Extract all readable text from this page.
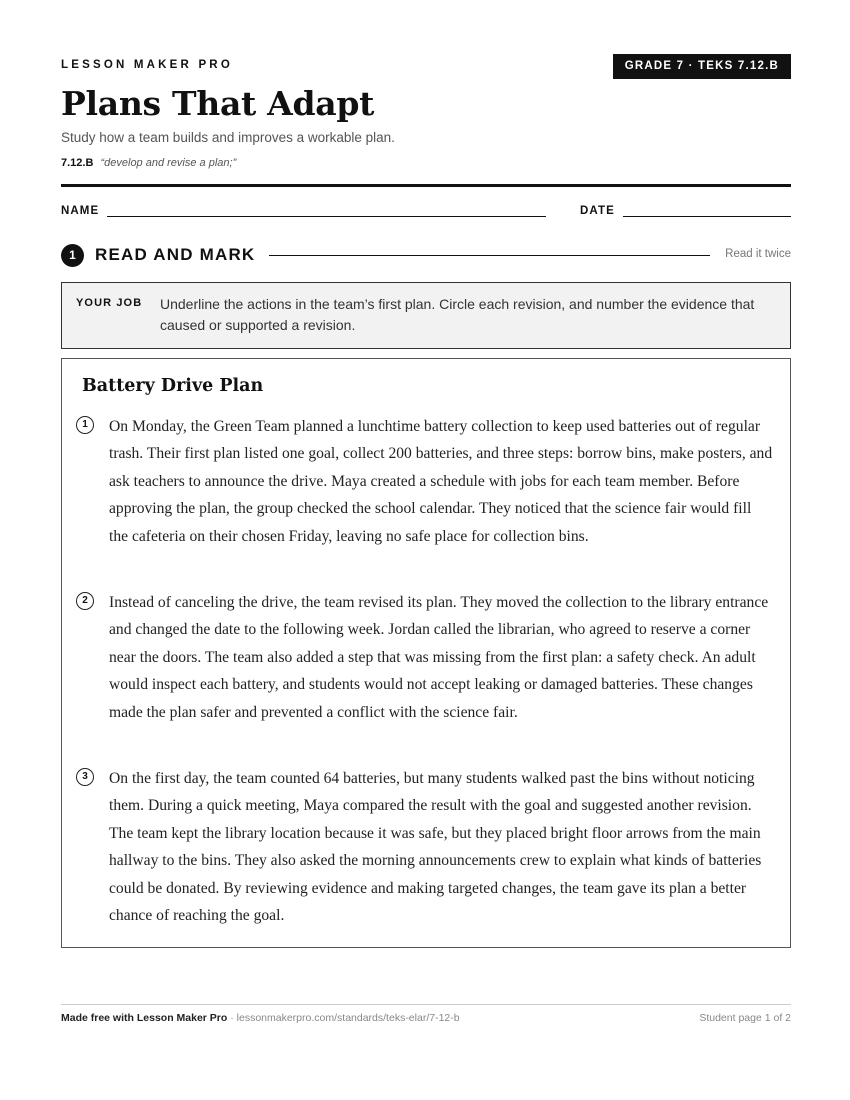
LESSON MAKER PRO	GRADE 7 · TEKS 7.12.B
Plans That Adapt
Study how a team builds and improves a workable plan.
7.12.B “develop and revise a plan;”
NAME	DATE
1	READ AND MARK	Read it twice
YOUR JOB Underline the actions in the team’s first plan. Circle each revision, and number the evidence that caused or supported a revision.
Battery Drive Plan
1	On Monday, the Green Team planned a lunchtime battery collection to keep used batteries out of regular trash. Their first plan listed one goal, collect 200 batteries, and three steps: borrow bins, make posters, and ask teachers to announce the drive. Maya created a schedule with jobs for each team member. Before approving the plan, the group checked the school calendar. They noticed that the science fair would fill the cafeteria on their chosen Friday, leaving no safe place for collection bins.
2	Instead of canceling the drive, the team revised its plan. They moved the collection to the library entrance and changed the date to the following week. Jordan called the librarian, who agreed to reserve a corner near the doors. The team also added a step that was missing from the first plan: a safety check. An adult would inspect each battery, and students would not accept leaking or damaged batteries. These changes made the plan safer and prevented a conflict with the science fair.
3	On the first day, the team counted 64 batteries, but many students walked past the bins without noticing them. During a quick meeting, Maya compared the result with the goal and suggested another revision. The team kept the library location because it was safe, but they placed bright floor arrows from the main hallway to the bins. They also asked the morning announcements crew to explain what kinds of batteries could be donated. By reviewing evidence and making targeted changes, the team gave its plan a better chance of reaching the goal.
Made free with Lesson Maker Pro · lessonmakerpro.com/standards/teks-elar/7-12-b	Student page 1 of 2
